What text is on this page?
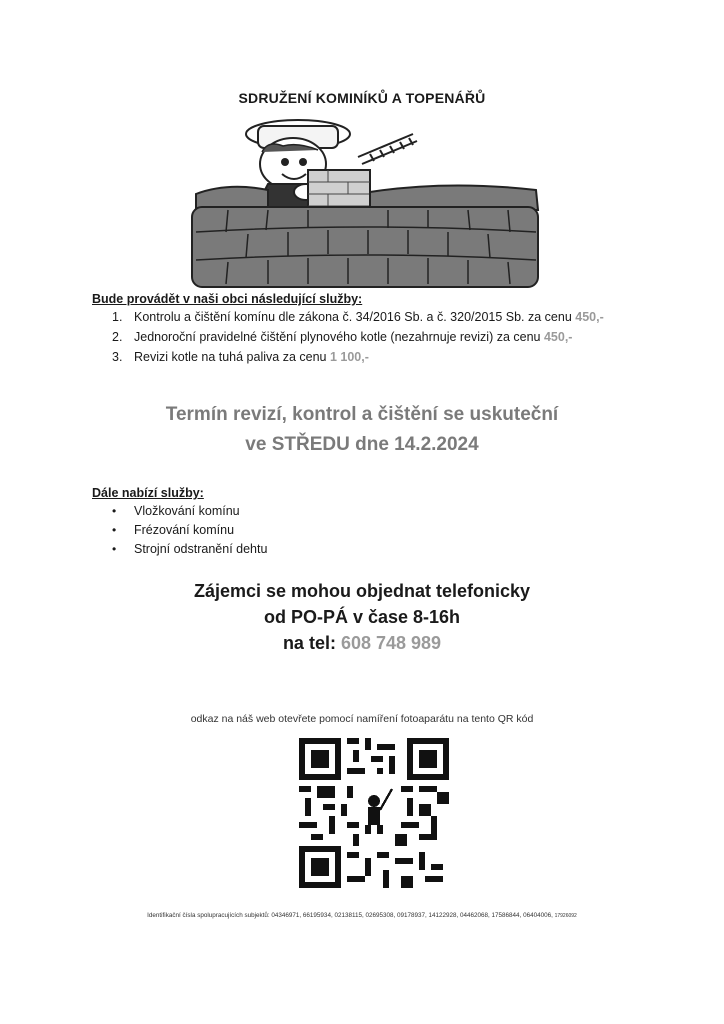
SDRUŽENÍ KOMINÍKŮ A TOPENÁŘŮ
Bude provádět v naši obci následující služby:
1. Kontrolu a čištění komínu dle zákona č. 34/2016 Sb. a č. 320/2015 Sb. za cenu 450,-
2. Jednoroční pravidelné čištění plynového kotle (nezahrnuje revizi) za cenu 450,-
3. Revizi kotle na tuhá paliva za cenu 1 100,-
Termín revizí, kontrol a čištění se uskuteční
ve STŘEDU dne 14.2.2024
Dále nabízí služby:
• Vložkování komínu
• Frézování komínu
• Strojní odstranění dehtu
Zájemci se mohou objednat telefonicky
od PO-PÁ v čase 8-16h
na tel: 608 748 989
odkaz na náš web otevřete pomocí namíření fotoaparátu na tento QR kód
Identifikační čísla spolupracujících subjektů: 04346971, 66195934, 02138115, 02695308, 09178937, 14122928, 04462068, 17586844, 06404006, 17926092
